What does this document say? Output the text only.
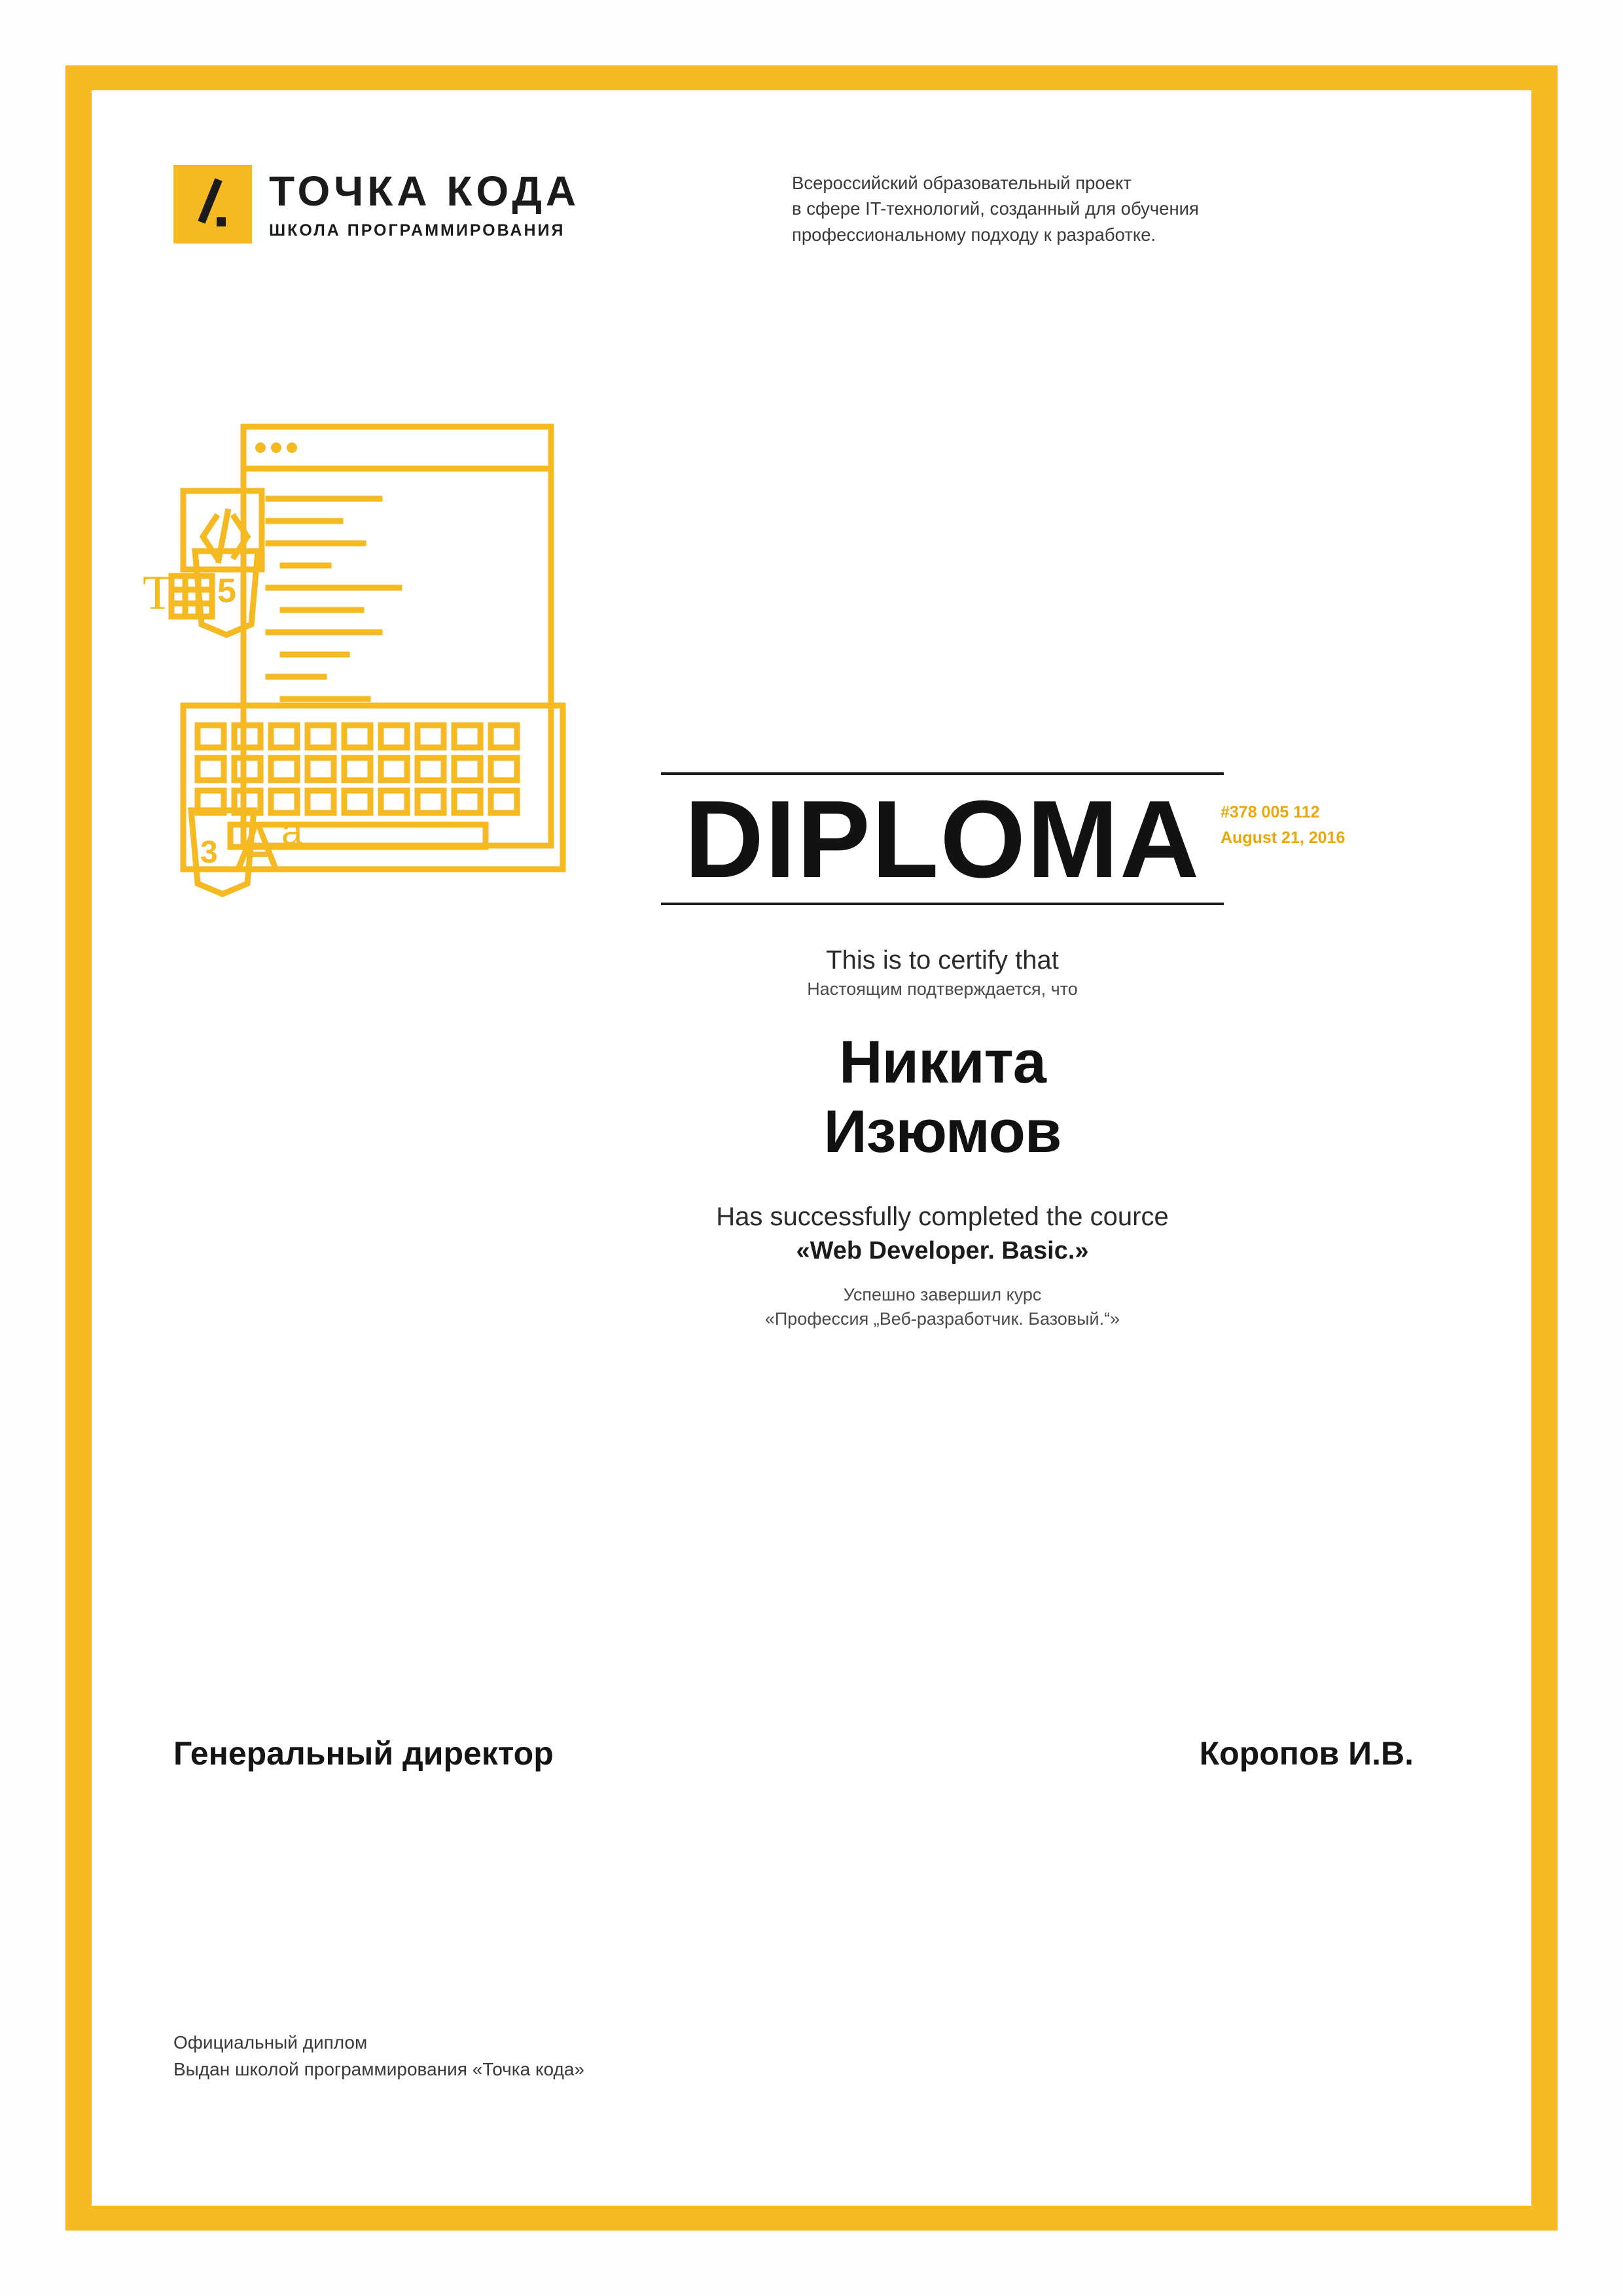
ТОЧКА КОДА
ШКОЛА ПРОГРАММИРОВАНИЯ
Всероссийский образовательный проект
в сфере IT-технологий, созданный для обучения
профессиональному подходу к разработке.
5
3
T
A a	DIPLOMA
This is to certify that
Настоящим подтверждается, что
Никита
Изюмов
Has successfully completed the cource
«Web Developer. Basic.»
Успешно завершил курс
«Профессия „Веб-разработчик. Базовый.“»
#378 005 112
August 21, 2016
Генеральный директор	Коропов И.В.
Официальный диплом
Выдан школой программирования «Точка кода»
